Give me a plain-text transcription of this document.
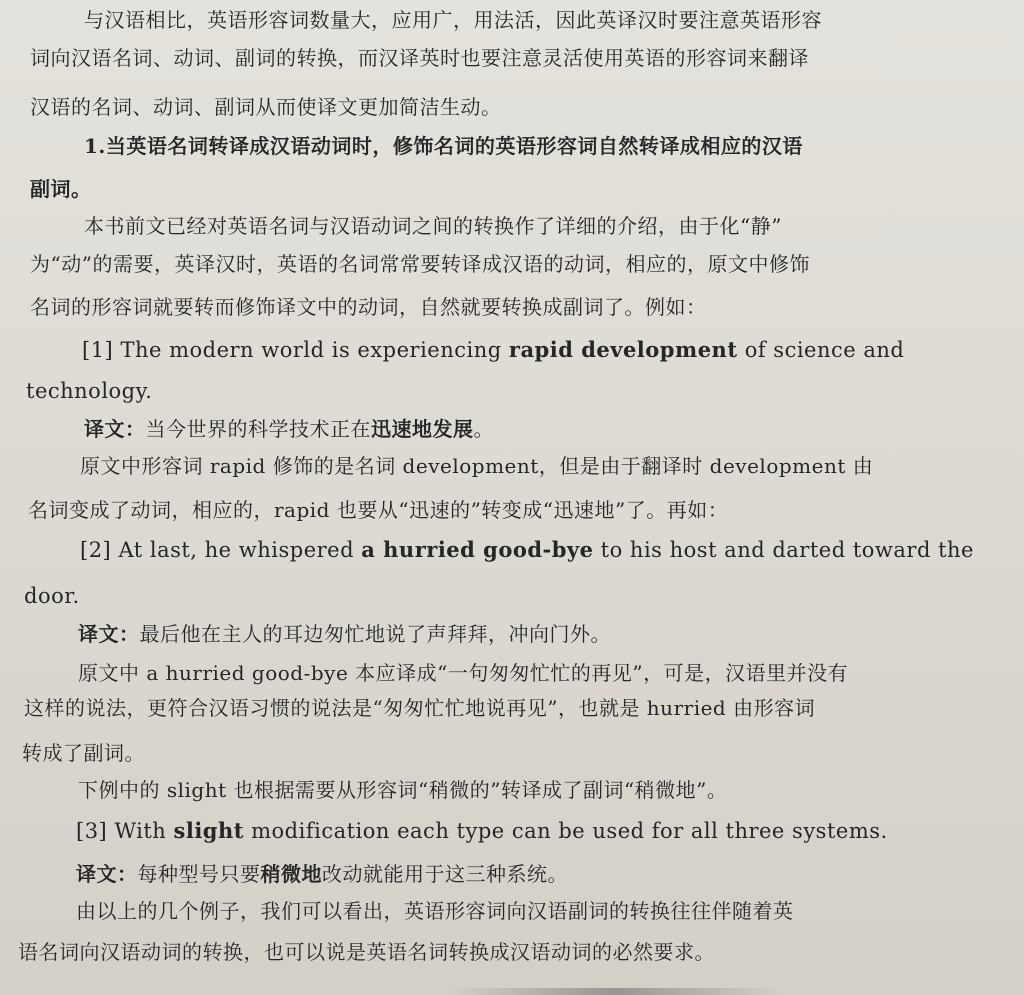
与汉语相比，英语形容词数量大，应用广，用法活，因此英译汉时要注意英语形容
词向汉语名词、动词、副词的转换，而汉译英时也要注意灵活使用英语的形容词来翻译
汉语的名词、动词、副词从而使译文更加简洁生动。
1.当英语名词转译成汉语动词时，修饰名词的英语形容词自然转译成相应的汉语
副词。
本书前文已经对英语名词与汉语动词之间的转换作了详细的介绍，由于化“静”
为“动”的需要，英译汉时，英语的名词常常要转译成汉语的动词，相应的，原文中修饰
名词的形容词就要转而修饰译文中的动词，自然就要转换成副词了。例如：
[1] The modern world is experiencing rapid development of science and
technology.
译文：当今世界的科学技术正在迅速地发展。
原文中形容词 rapid 修饰的是名词 development，但是由于翻译时 development 由
名词变成了动词，相应的，rapid 也要从“迅速的”转变成“迅速地”了。再如：
[2] At last, he whispered a hurried good-bye to his host and darted toward the
door.
译文：最后他在主人的耳边匆忙地说了声拜拜，冲向门外。
原文中 a hurried good-bye 本应译成“一句匆匆忙忙的再见”，可是，汉语里并没有
这样的说法，更符合汉语习惯的说法是“匆匆忙忙地说再见”，也就是 hurried 由形容词
转成了副词。
下例中的 slight 也根据需要从形容词“稍微的”转译成了副词“稍微地”。
[3] With slight modification each type can be used for all three systems.
译文：每种型号只要稍微地改动就能用于这三种系统。
由以上的几个例子，我们可以看出，英语形容词向汉语副词的转换往往伴随着英
语名词向汉语动词的转换，也可以说是英语名词转换成汉语动词的必然要求。
